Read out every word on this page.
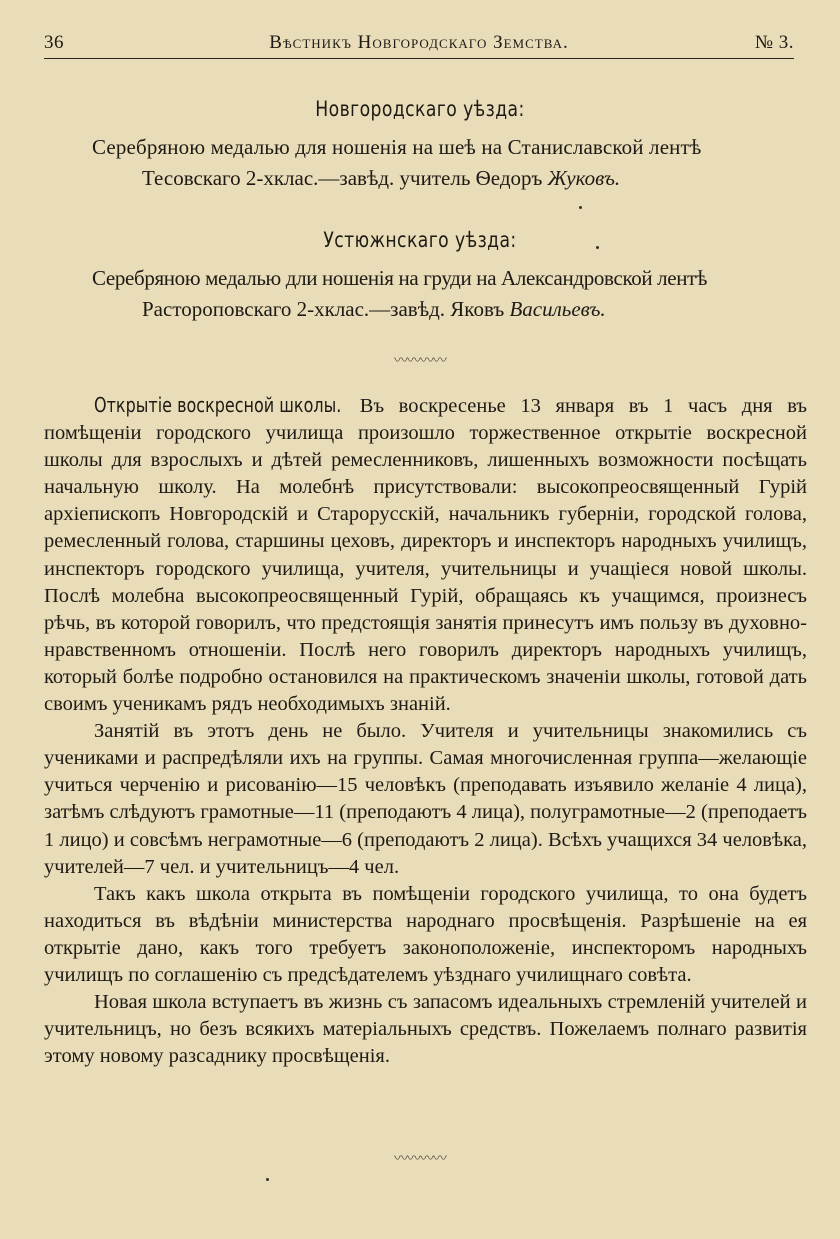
36	Вѣстникъ Новгородскаго Земства.	№ 3.
Новгородскаго уѣзда:
Серебряною медалью для ношенія на шеѣ на Станиславской лентѣ
Тесовскаго 2-хклас.—завѣд. учитель Ѳедоръ Жуковъ.
Устюжнскаго уѣзда:
Серебряною медалью дли ношенія на груди на Александровской лентѣ
Растороповскаго 2-хклас.—завѣд. Яковъ Васильевъ.
〰〰〰〰

Открытіе воскресной школы. Въ воскресенье 13 января въ 1 часъ дня въ помѣщеніи городского училища произошло торжественное открытіе воскресной школы для взрослыхъ и дѣтей ремесленниковъ, лишенныхъ возможности посѣщать начальную школу. На молебнѣ присутствовали: высокопреосвященный Гурій архіепископъ Новгородскій и Старорусскій, начальникъ губерніи, городской голова, ремесленный голова, старшины цеховъ, директоръ и инспекторъ народныхъ училищъ, инспекторъ городского училища, учителя, учительницы и учащіеся новой школы. Послѣ молебна высокопреосвященный Гурій, обращаясь къ учащимся, произнесъ рѣчь, въ которой говорилъ, что предстоящія занятія принесутъ имъ пользу въ духовно-нравственномъ отношеніи. Послѣ него говорилъ директоръ народныхъ училищъ, который болѣе подробно остановился на практическомъ значеніи школы, готовой дать своимъ ученикамъ рядъ необходимыхъ знаній.

Занятій въ этотъ день не было. Учителя и учительницы знакомились съ учениками и распредѣляли ихъ на группы. Самая многочисленная группа—желающіе учиться черченію и рисованію—15 человѣкъ (преподавать изъявило желаніе 4 лица), затѣмъ слѣдуютъ грамотные—11 (преподаютъ 4 лица), полуграмотные—2 (преподаетъ 1 лицо) и совсѣмъ неграмотные—6 (преподаютъ 2 лица). Всѣхъ учащихся 34 человѣка, учителей—7 чел. и учительницъ—4 чел.

Такъ какъ школа открыта въ помѣщеніи городского училища, то она будетъ находиться въ вѣдѣніи министерства народнаго просвѣщенія. Разрѣшеніе на ея открытіе дано, какъ того требуетъ законоположеніе, инспекторомъ народныхъ училищъ по соглашенію съ предсѣдателемъ уѣзднаго училищнаго совѣта.

Новая школа вступаетъ въ жизнь съ запасомъ идеальныхъ стремленій учителей и учительницъ, но безъ всякихъ матеріальныхъ средствъ. Пожелаемъ полнаго развитія этому новому разсаднику просвѣщенія.

〰〰〰〰
